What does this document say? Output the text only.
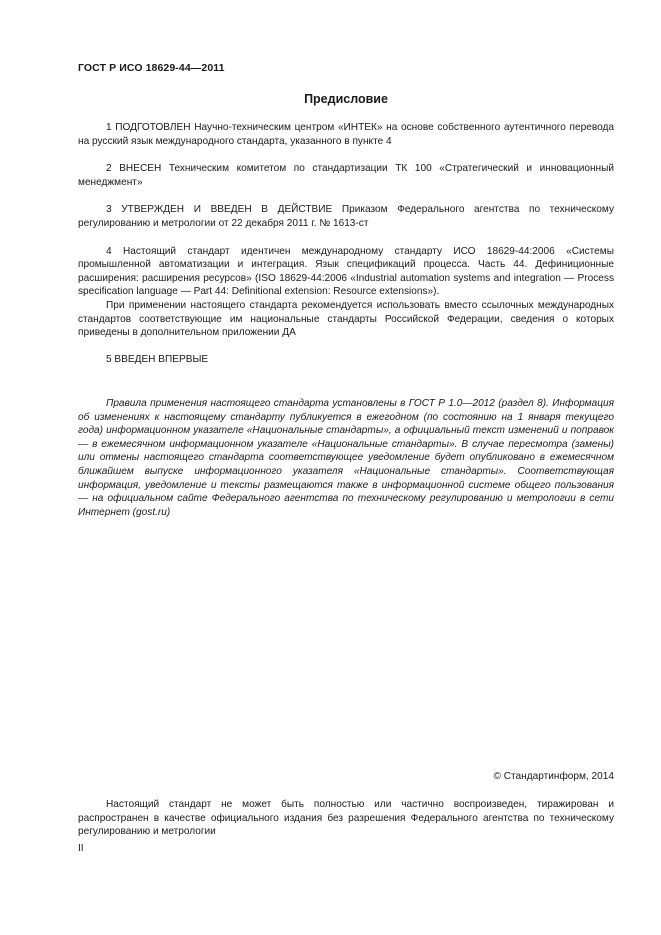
ГОСТ Р ИСО 18629-44—2011
Предисловие

1 ПОДГОТОВЛЕН Научно-техническим центром «ИНТЕК» на основе собственного аутентичного перевода на русский язык международного стандарта, указанного в пункте 4

2 ВНЕСЕН Техническим комитетом по стандартизации ТК 100 «Стратегический и инновационный менеджмент»

3 УТВЕРЖДЕН И ВВЕДЕН В ДЕЙСТВИЕ Приказом Федерального агентства по техническому регулированию и метрологии от 22 декабря 2011 г. № 1613-ст

4 Настоящий стандарт идентичен международному стандарту ИСО 18629-44:2006 «Системы промышленной автоматизации и интеграция. Язык спецификаций процесса. Часть 44. Дефиниционные расширения: расширения ресурсов» (ISO 18629-44:2006 «Industrial automation systems and integration — Process specification language — Part 44: Definitional extension: Resource extensions»).

При применении настоящего стандарта рекомендуется использовать вместо ссылочных международных стандартов соответствующие им национальные стандарты Российской Федерации, сведения о которых приведены в дополнительном приложении ДА

5 ВВЕДЕН ВПЕРВЫЕ

Правила применения настоящего стандарта установлены в ГОСТ Р 1.0—2012 (раздел 8). Информация об изменениях к настоящему стандарту публикуется в ежегодном (по состоянию на 1 января текущего года) информационном указателе «Национальные стандарты», а официальный текст изменений и поправок — в ежемесячном информационном указателе «Национальные стандарты». В случае пересмотра (замены) или отмены настоящего стандарта соответствующее уведомление будет опубликовано в ежемесячном ближайшем выпуске информационного указателя «Национальные стандарты». Соответствующая информация, уведомление и тексты размещаются также в информационной системе общего пользования — на официальном сайте Федерального агентства по техническому регулированию и метрологии в сети Интернет (gost.ru)

© Стандартинформ, 2014

Настоящий стандарт не может быть полностью или частично воспроизведен, тиражирован и распространен в качестве официального издания без разрешения Федерального агентства по техническому регулированию и метрологии

II
